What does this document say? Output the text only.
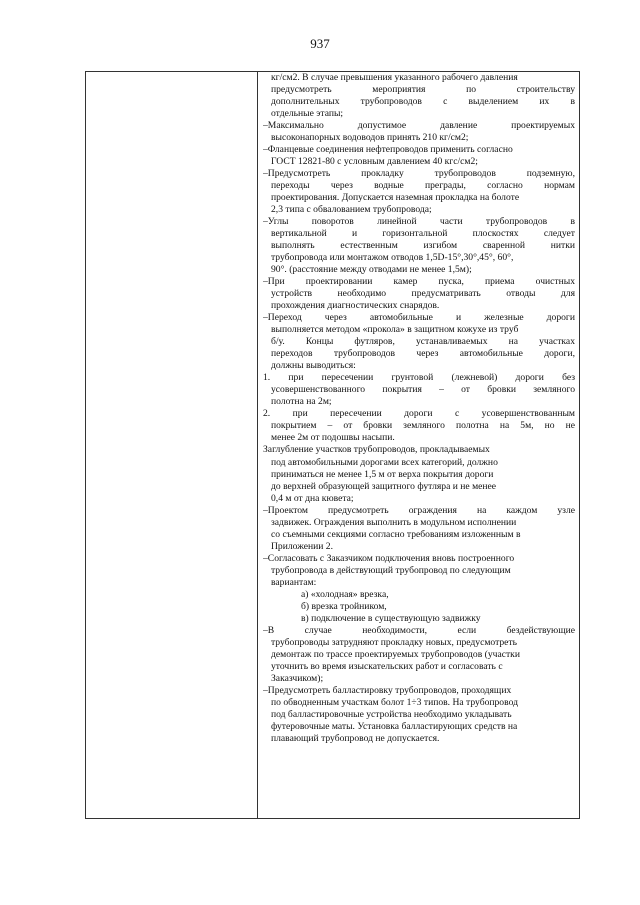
937

кг/см2. В случае превышения указанного рабочего давления

предусмотреть мероприятия по строительству

дополнительных трубопроводов с выделением их в

отдельные этапы;

–Максимально допустимое давление проектируемых

высоконапорных водоводов принять 210 кг/см2;

–Фланцевые соединения нефтепроводов применить согласно

ГОСТ 12821-80 с условным давлением 40 кгс/см2;

–Предусмотреть прокладку трубопроводов подземную,

переходы через водные преграды, согласно нормам

проектирования. Допускается наземная прокладка на болоте

2,3 типа с обвалованием трубопровода;

–Углы поворотов линейной части трубопроводов в

вертикальной и горизонтальной плоскостях следует

выполнять естественным изгибом сваренной нитки

трубопровода или монтажом отводов 1,5D-15°,30°,45°, 60°,

90°. (расстояние между отводами не менее 1,5м);

–При проектировании камер пуска, приема очистных

устройств необходимо предусматривать отводы для

прохождения диагностических снарядов.

–Переход через автомобильные и железные дороги

выполняется методом «прокола» в защитном кожухе из труб

б/у. Концы футляров, устанавливаемых на участках

переходов трубопроводов через автомобильные дороги,

должны выводиться:

1. при пересечении грунтовой (лежневой) дороги без

усовершенствованного покрытия – от бровки земляного

полотна на 2м;

2. при пересечении дороги с усовершенствованным

покрытием – от бровки земляного полотна на 5м, но не

менее 2м от подошвы насыпи.

Заглубление участков трубопроводов, прокладываемых

под автомобильными дорогами всех категорий, должно

приниматься не менее 1,5 м от верха покрытия дороги

до верхней образующей защитного футляра и не менее

0,4 м от дна кювета;

–Проектом предусмотреть ограждения на каждом узле

задвижек. Ограждения выполнить в модульном исполнении

со съемными секциями согласно требованиям изложенным в

Приложении 2.

–Согласовать с Заказчиком подключения вновь построенного

трубопровода в действующий трубопровод по следующим

вариантам:

а) «холодная» врезка,

б) врезка тройником,

в) подключение в существующую задвижку

–В случае необходимости, если бездействующие

трубопроводы затрудняют прокладку новых, предусмотреть

демонтаж по трассе проектируемых трубопроводов (участки

уточнить во время изыскательских работ и согласовать с

Заказчиком);

–Предусмотреть балластировку трубопроводов, проходящих

по обводненным участкам болот 1÷3 типов. На трубопровод

под балластировочные устройства необходимо укладывать

футеровочные маты. Установка балластирующих средств на

плавающий трубопровод не допускается.
